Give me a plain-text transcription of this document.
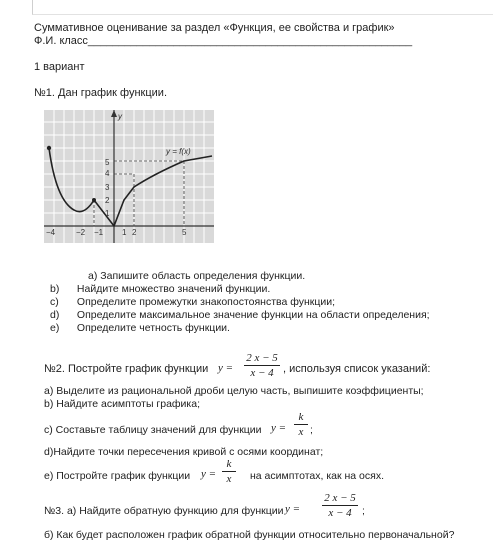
Суммативное оценивание за раздел «Функция, ее свойства и график»
Ф.И. класс_____________________________________________________
1 вариант
№1. Дан график функции.
−4	−2 −1 1 2	5
5
4
3
2
1
y
y = f(x)
a) Запишите область определения функции.
b) Найдите множество значений функции.
c) Определите промежутки знакопостоянства функции;
d) Определите максимальное значение функции на области определения;
e) Определите четность функции.
№2. Постройте график функции y =
2 x − 5
x − 4 , используя список указаний:
а) Выделите из рациональной дроби целую часть, выпишите коэффициенты;
b) Найдите асимптоты графика;
с) Составьте таблицу значений для функции y =
k
x ;
d)Найдите точки пересечения кривой с осями координат;
е) Постройте график функции y =
k
x	на асимптотах, как на осях.
№3. а) Найдите обратную функцию для функции y =
2 x − 5
x − 4 ;
б) Как будет расположен график обратной функции относительно первоначальной?
